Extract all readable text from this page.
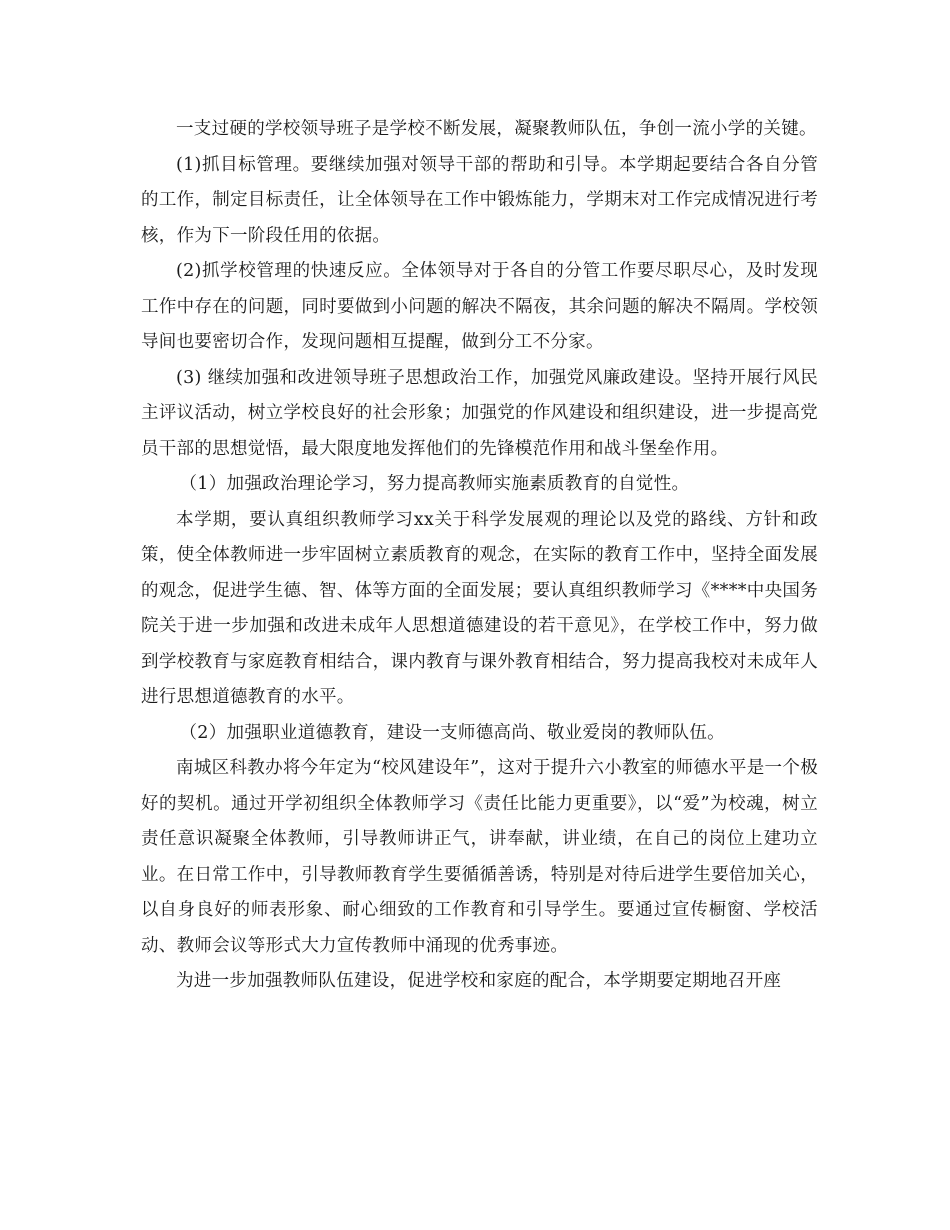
一支过硬的学校领导班子是学校不断发展，凝聚教师队伍，争创一流小学的关键。

(1)抓目标管理。要继续加强对领导干部的帮助和引导。本学期起要结合各自分管的工作，制定目标责任，让全体领导在工作中锻炼能力，学期末对工作完成情况进行考核，作为下一阶段任用的依据。

(2)抓学校管理的快速反应。全体领导对于各自的分管工作要尽职尽心，及时发现工作中存在的问题，同时要做到小问题的解决不隔夜，其余问题的解决不隔周。学校领导间也要密切合作，发现问题相互提醒，做到分工不分家。

(3) 继续加强和改进领导班子思想政治工作，加强党风廉政建设。坚持开展行风民主评议活动，树立学校良好的社会形象；加强党的作风建设和组织建设，进一步提高党员干部的思想觉悟，最大限度地发挥他们的先锋模范作用和战斗堡垒作用。

（1）加强政治理论学习，努力提高教师实施素质教育的自觉性。

本学期，要认真组织教师学习xx关于科学发展观的理论以及党的路线、方针和政策，使全体教师进一步牢固树立素质教育的观念，在实际的教育工作中，坚持全面发展的观念，促进学生德、智、体等方面的全面发展；要认真组织教师学习《****中央国务院关于进一步加强和改进未成年人思想道德建设的若干意见》，在学校工作中，努力做到学校教育与家庭教育相结合，课内教育与课外教育相结合，努力提高我校对未成年人进行思想道德教育的水平。

（2）加强职业道德教育，建设一支师德高尚、敬业爱岗的教师队伍。

南城区科教办将今年定为“校风建设年”，这对于提升六小教室的师德水平是一个极好的契机。通过开学初组织全体教师学习《责任比能力更重要》，以“爱”为校魂，树立责任意识凝聚全体教师，引导教师讲正气，讲奉献，讲业绩，在自己的岗位上建功立业。在日常工作中，引导教师教育学生要循循善诱，特别是对待后进学生要倍加关心，以自身良好的师表形象、耐心细致的工作教育和引导学生。要通过宣传橱窗、学校活动、教师会议等形式大力宣传教师中涌现的优秀事迹。

为进一步加强教师队伍建设，促进学校和家庭的配合，本学期要定期地召开座
